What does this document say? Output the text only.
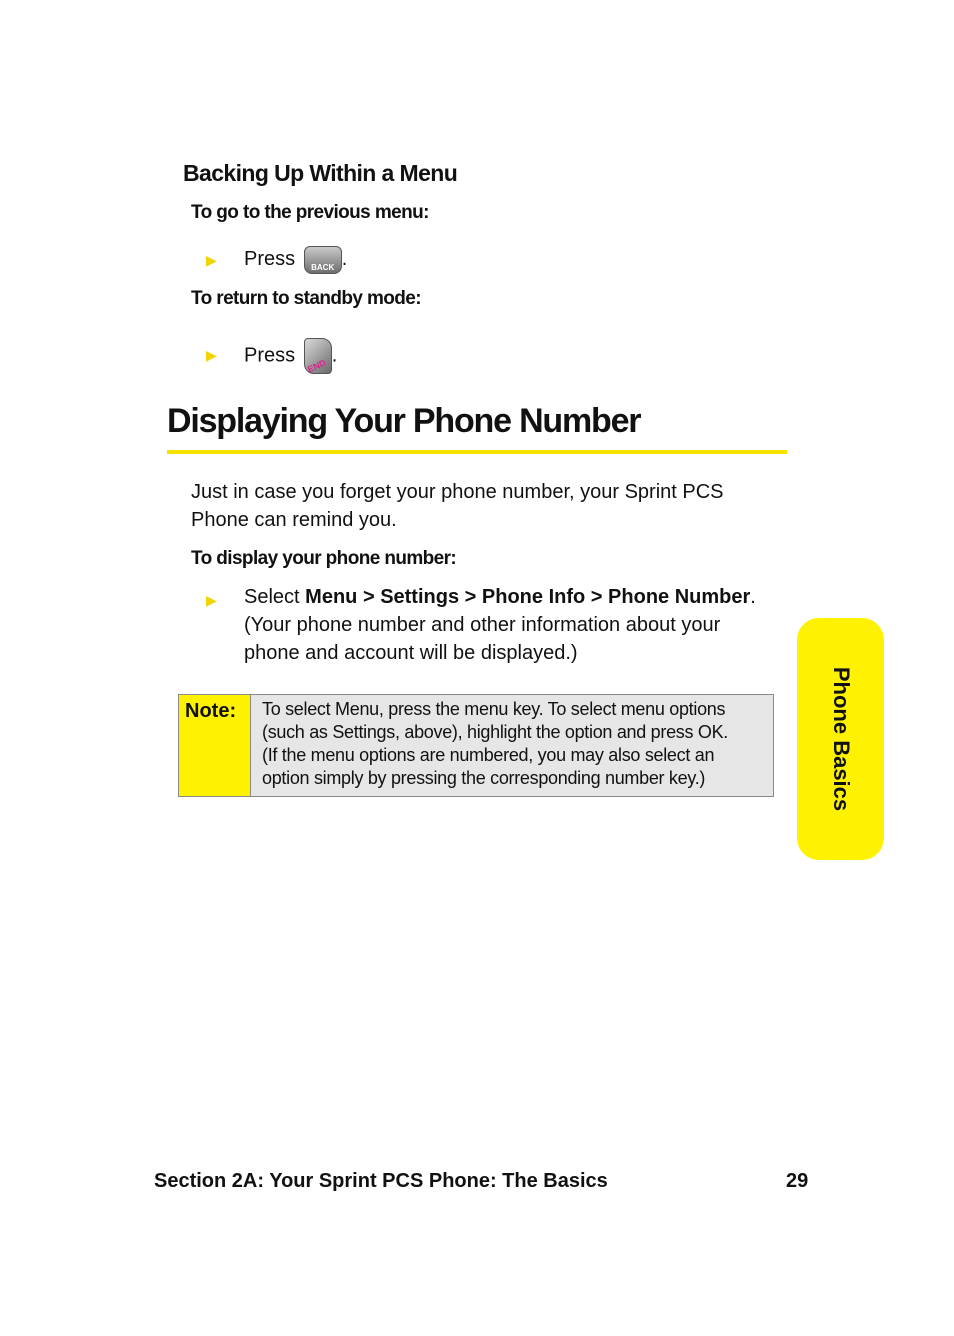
Backing Up Within a Menu
To go to the previous menu:
▶ Press	BACK .
To return to standby mode:
▶ Press	END .
Displaying Your Phone Number
Just in case you forget your phone number, your Sprint PCS
Phone can remind you.
To display your phone number:
▶ Select Menu > Settings > Phone Info > Phone Number.
(Your phone number and other information about your
phone and account will be displayed.)
Note:	To select Menu, press the menu key. To select menu options
(such as Settings, above), highlight the option and press OK.
(If the menu options are numbered, you may also select an
option simply by pressing the corresponding number key.)	Phone Basics
Section 2A: Your Sprint PCS Phone: The Basics	29
